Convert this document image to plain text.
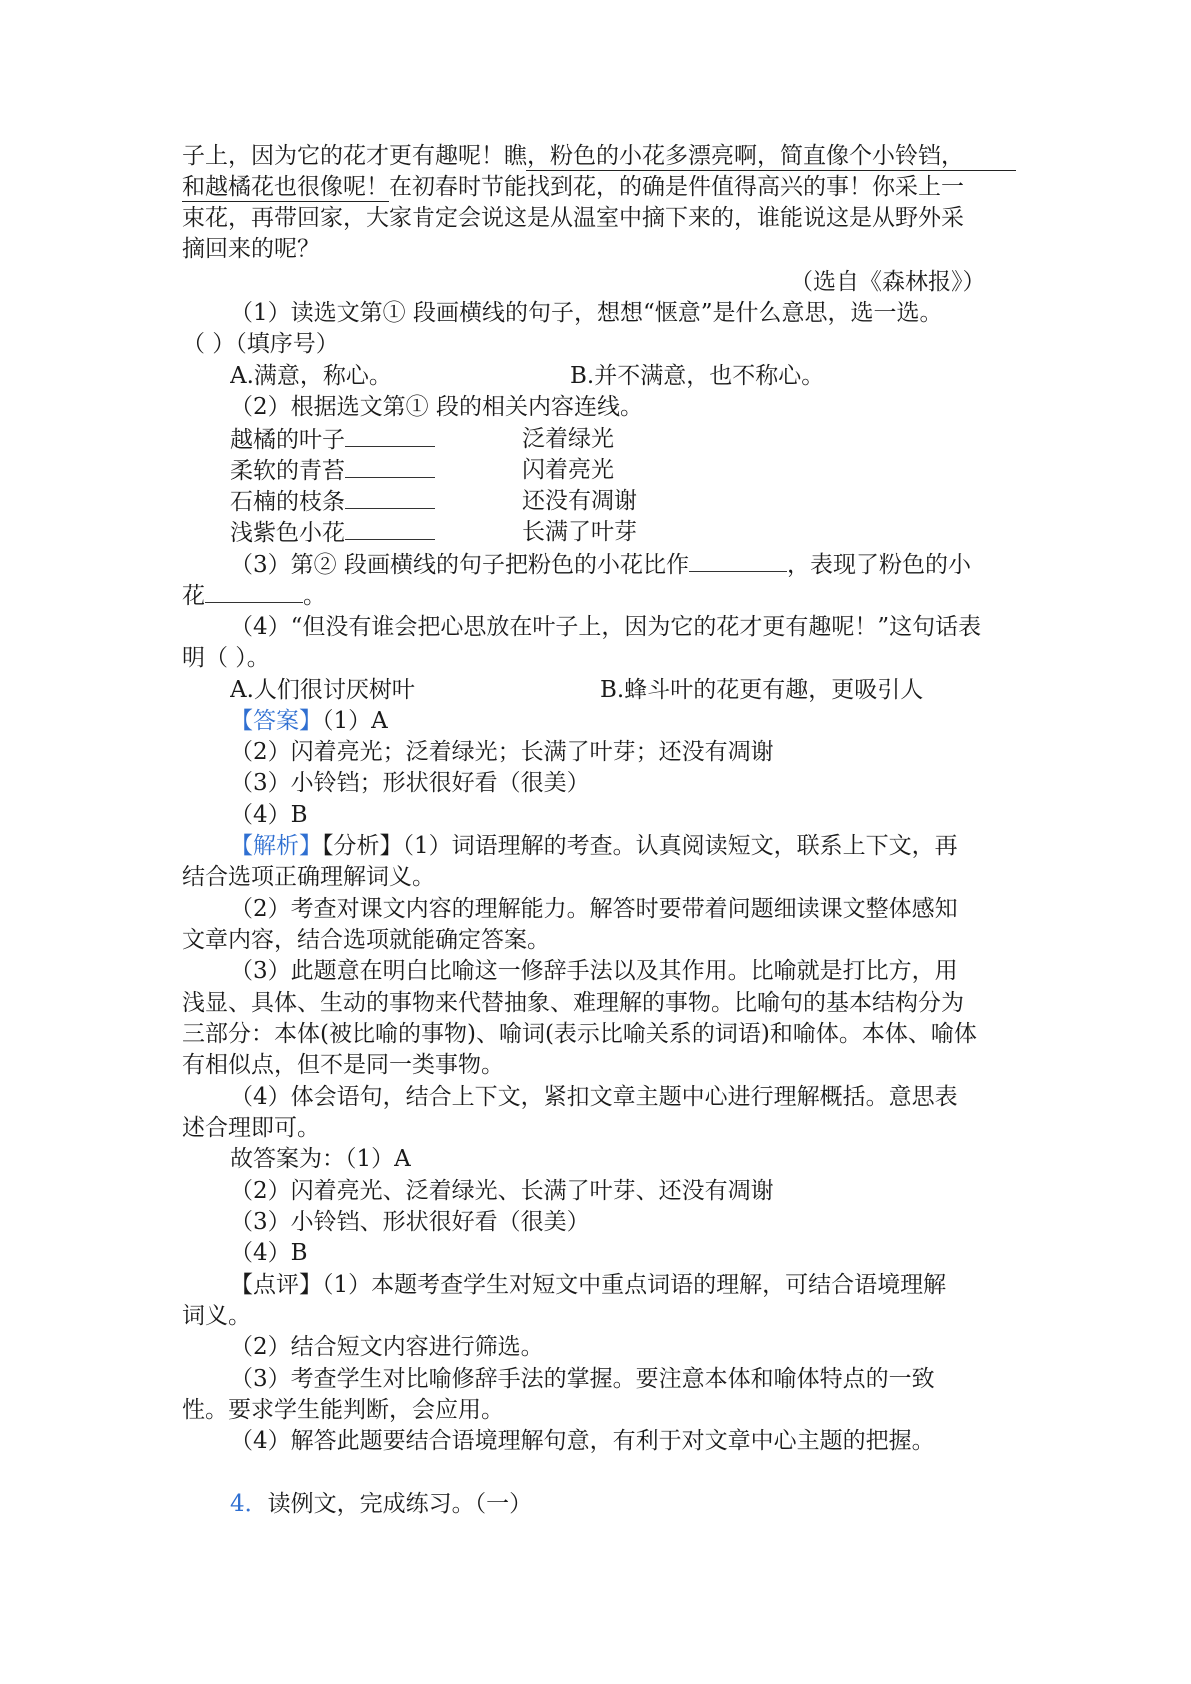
子上，因为它的花才更有趣呢！瞧，粉色的小花多漂亮啊，简直像个小铃铛，
和越橘花也很像呢！在初春时节能找到花，的确是件值得高兴的事！你采上一
束花，再带回家，大家肯定会说这是从温室中摘下来的，谁能说这是从野外采
摘回来的呢？
（选自《森林报》）
（1）读选文第① 段画横线的句子，想想“惬意”是什么意思，选一选。
（ ）（填序号）
A.满意，称心。	B.并不满意，也不称心。
（2）根据选文第① 段的相关内容连线。
越橘的叶子	泛着绿光
柔软的青苔	闪着亮光
石楠的枝条	还没有凋谢
浅紫色小花	长满了叶芽
（3）第② 段画横线的句子把粉色的小花比作	，表现了粉色的小
花	。
（4）“但没有谁会把心思放在叶子上，因为它的花才更有趣呢！”这句话表
明（ ）。
A.人们很讨厌树叶	B.蜂斗叶的花更有趣，更吸引人
【答案】（1）A
（2）闪着亮光；泛着绿光；长满了叶芽；还没有凋谢
（3）小铃铛；形状很好看（很美）
（4）B
【解析】【分析】（1）词语理解的考查。认真阅读短文，联系上下文，再
结合选项正确理解词义。
（2）考查对课文内容的理解能力。解答时要带着问题细读课文整体感知
文章内容，结合选项就能确定答案。
（3）此题意在明白比喻这一修辞手法以及其作用。比喻就是打比方，用
浅显、具体、生动的事物来代替抽象、难理解的事物。比喻句的基本结构分为
三部分：本体(被比喻的事物)、喻词(表示比喻关系的词语)和喻体。本体、喻体
有相似点，但不是同一类事物。
（4）体会语句，结合上下文，紧扣文章主题中心进行理解概括。意思表
述合理即可。
故答案为：（1）A
（2）闪着亮光、泛着绿光、长满了叶芽、还没有凋谢
（3）小铃铛、形状很好看（很美）
（4）B
【点评】（1）本题考查学生对短文中重点词语的理解，可结合语境理解
词义。
（2）结合短文内容进行筛选。
（3）考查学生对比喻修辞手法的掌握。要注意本体和喻体特点的一致
性。要求学生能判断，会应用。
（4）解答此题要结合语境理解句意，有利于对文章中心主题的把握。
4．读例文，完成练习。（一）
